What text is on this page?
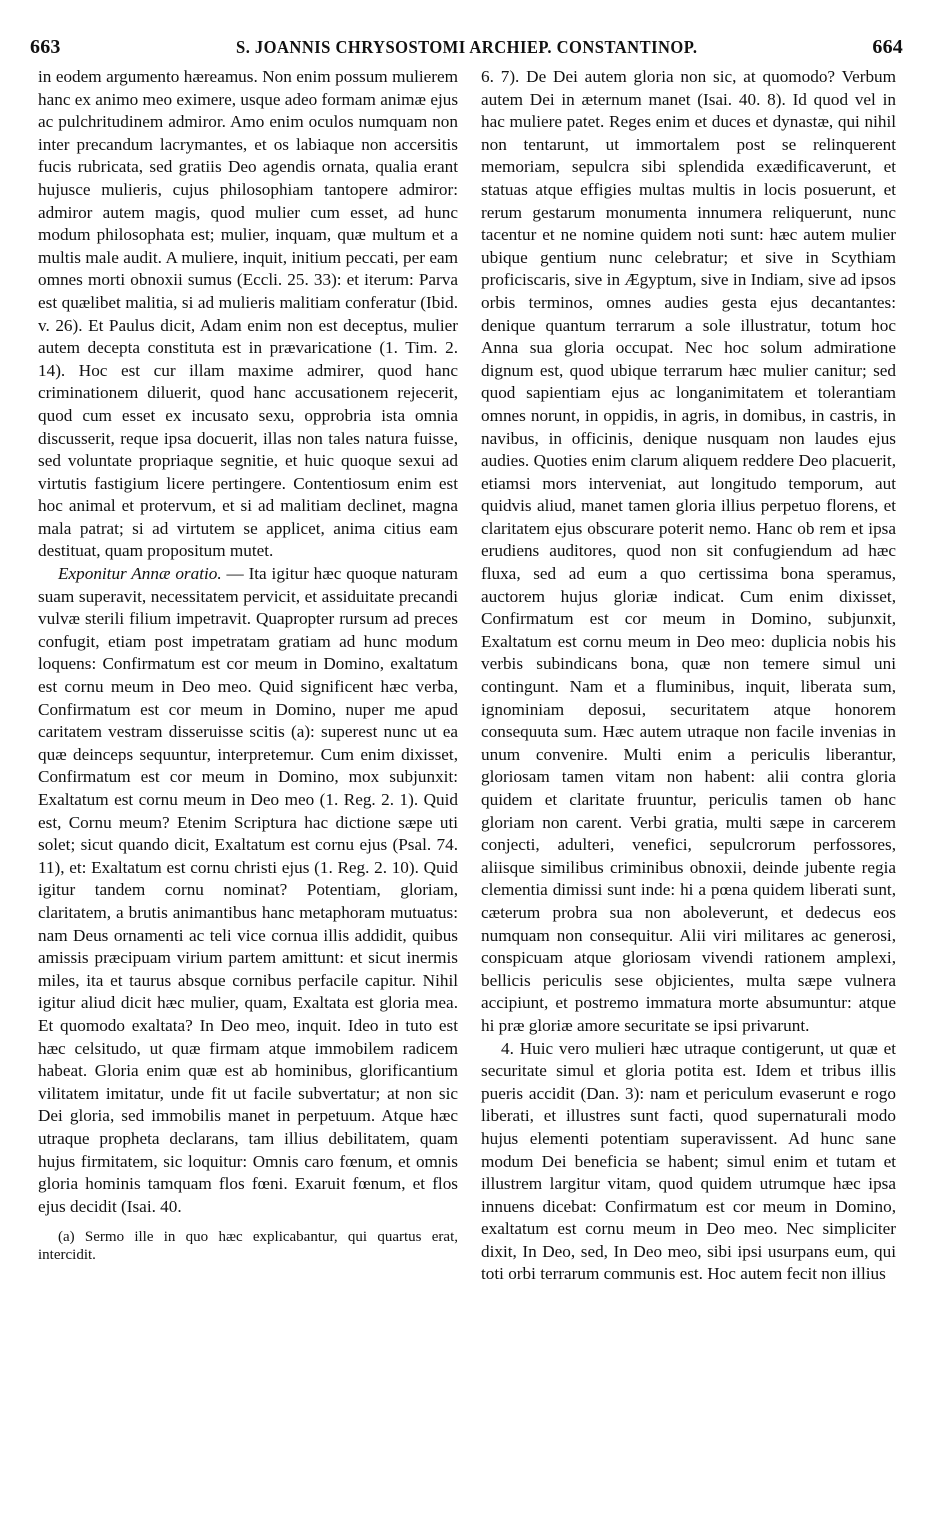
663	S. JOANNIS CHRYSOSTOMI ARCHIEP. CONSTANTINOP.	664

in eodem argumento hæreamus. Non enim possum mulierem hanc ex animo meo eximere, usque adeo formam animæ ejus ac pulchritudinem admiror. Amo enim oculos numquam non inter precandum lacrymantes, et os labiaque non accersitis fucis rubricata, sed gratiis Deo agendis ornata, qualia erant hujusce mulieris, cujus philosophiam tantopere admiror: admiror autem magis, quod mulier cum esset, ad hunc modum philosophata est; mulier, inquam, quæ multum et a multis male audit. A muliere, inquit, initium peccati, per eam omnes morti obnoxii sumus (Eccli. 25. 33): et iterum: Parva est quælibet malitia, si ad mulieris malitiam conferatur (Ibid. v. 26). Et Paulus dicit, Adam enim non est deceptus, mulier autem decepta constituta est in prævaricatione (1. Tim. 2. 14). Hoc est cur illam maxime admirer, quod hanc criminationem diluerit, quod hanc accusationem rejecerit, quod cum esset ex incusato sexu, opprobria ista omnia discusserit, reque ipsa docuerit, illas non tales natura fuisse, sed voluntate propriaque segnitie, et huic quoque sexui ad virtutis fastigium licere pertingere. Contentiosum enim est hoc animal et protervum, et si ad malitiam declinet, magna mala patrat; si ad virtutem se applicet, anima citius eam destituat, quam propositum mutet.

Exponitur Annæ oratio. — Ita igitur hæc quoque naturam suam superavit, necessitatem pervicit, et assiduitate precandi vulvæ sterili filium impetravit. Quapropter rursum ad preces confugit, etiam post impetratam gratiam ad hunc modum loquens: Confirmatum est cor meum in Domino, exaltatum est cornu meum in Deo meo. Quid significent hæc verba, Confirmatum est cor meum in Domino, nuper me apud caritatem vestram disseruisse scitis (a): superest nunc ut ea quæ deinceps sequuntur, interpretemur. Cum enim dixisset, Confirmatum est cor meum in Domino, mox subjunxit: Exaltatum est cornu meum in Deo meo (1. Reg. 2. 1). Quid est, Cornu meum? Etenim Scriptura hac dictione sæpe uti solet; sicut quando dicit, Exaltatum est cornu ejus (Psal. 74. 11), et: Exaltatum est cornu christi ejus (1. Reg. 2. 10). Quid igitur tandem cornu nominat? Potentiam, gloriam, claritatem, a brutis animantibus hanc metaphoram mutuatus: nam Deus ornamenti ac teli vice cornua illis addidit, quibus amissis præcipuam virium partem amittunt: et sicut inermis miles, ita et taurus absque cornibus perfacile capitur. Nihil igitur aliud dicit hæc mulier, quam, Exaltata est gloria mea. Et quomodo exaltata? In Deo meo, inquit. Ideo in tuto est hæc celsitudo, ut quæ firmam atque immobilem radicem habeat. Gloria enim quæ est ab hominibus, glorificantium vilitatem imitatur, unde fit ut facile subvertatur; at non sic Dei gloria, sed immobilis manet in perpetuum. Atque hæc utraque propheta declarans, tam illius debilitatem, quam hujus firmitatem, sic loquitur: Omnis caro fœnum, et omnis gloria hominis tamquam flos fœni. Exaruit fœnum, et flos ejus decidit (Isai. 40.

(a) Sermo ille in quo hæc explicabantur, qui quartus erat, intercidit.

6. 7). De Dei autem gloria non sic, at quomodo? Verbum autem Dei in æternum manet (Isai. 40. 8). Id quod vel in hac muliere patet. Reges enim et duces et dynastæ, qui nihil non tentarunt, ut immortalem post se relinquerent memoriam, sepulcra sibi splendida exædificaverunt, et statuas atque effigies multas multis in locis posuerunt, et rerum gestarum monumenta innumera reliquerunt, nunc tacentur et ne nomine quidem noti sunt: hæc autem mulier ubique gentium nunc celebratur; et sive in Scythiam proficiscaris, sive in Ægyptum, sive in Indiam, sive ad ipsos orbis terminos, omnes audies gesta ejus decantantes: denique quantum terrarum a sole illustratur, totum hoc Anna sua gloria occupat. Nec hoc solum admiratione dignum est, quod ubique terrarum hæc mulier canitur; sed quod sapientiam ejus ac longanimitatem et tolerantiam omnes norunt, in oppidis, in agris, in domibus, in castris, in navibus, in officinis, denique nusquam non laudes ejus audies. Quoties enim clarum aliquem reddere Deo placuerit, etiamsi mors interveniat, aut longitudo temporum, aut quidvis aliud, manet tamen gloria illius perpetuo florens, et claritatem ejus obscurare poterit nemo. Hanc ob rem et ipsa erudiens auditores, quod non sit confugiendum ad hæc fluxa, sed ad eum a quo certissima bona speramus, auctorem hujus gloriæ indicat. Cum enim dixisset, Confirmatum est cor meum in Domino, subjunxit, Exaltatum est cornu meum in Deo meo: duplicia nobis his verbis subindicans bona, quæ non temere simul uni contingunt. Nam et a fluminibus, inquit, liberata sum, ignominiam deposui, securitatem atque honorem consequuta sum. Hæc autem utraque non facile invenias in unum convenire. Multi enim a periculis liberantur, gloriosam tamen vitam non habent: alii contra gloria quidem et claritate fruuntur, periculis tamen ob hanc gloriam non carent. Verbi gratia, multi sæpe in carcerem conjecti, adulteri, venefici, sepulcrorum perfossores, aliisque similibus criminibus obnoxii, deinde jubente regia clementia dimissi sunt inde: hi a pœna quidem liberati sunt, cæterum probra sua non aboleverunt, et dedecus eos numquam non consequitur. Alii viri militares ac generosi, conspicuam atque gloriosam vivendi rationem amplexi, bellicis periculis sese objicientes, multa sæpe vulnera accipiunt, et postremo immatura morte absumuntur: atque hi præ gloriæ amore securitate se ipsi privarunt.

4. Huic vero mulieri hæc utraque contigerunt, ut quæ et securitate simul et gloria potita est. Idem et tribus illis pueris accidit (Dan. 3): nam et periculum evaserunt e rogo liberati, et illustres sunt facti, quod supernaturali modo hujus elementi potentiam superavissent. Ad hunc sane modum Dei beneficia se habent; simul enim et tutam et illustrem largitur vitam, quod quidem utrumque hæc ipsa innuens dicebat: Confirmatum est cor meum in Domino, exaltatum est cornu meum in Deo meo. Nec simpliciter dixit, In Deo, sed, In Deo meo, sibi ipsi usurpans eum, qui toti orbi terrarum communis est. Hoc autem fecit non illius
